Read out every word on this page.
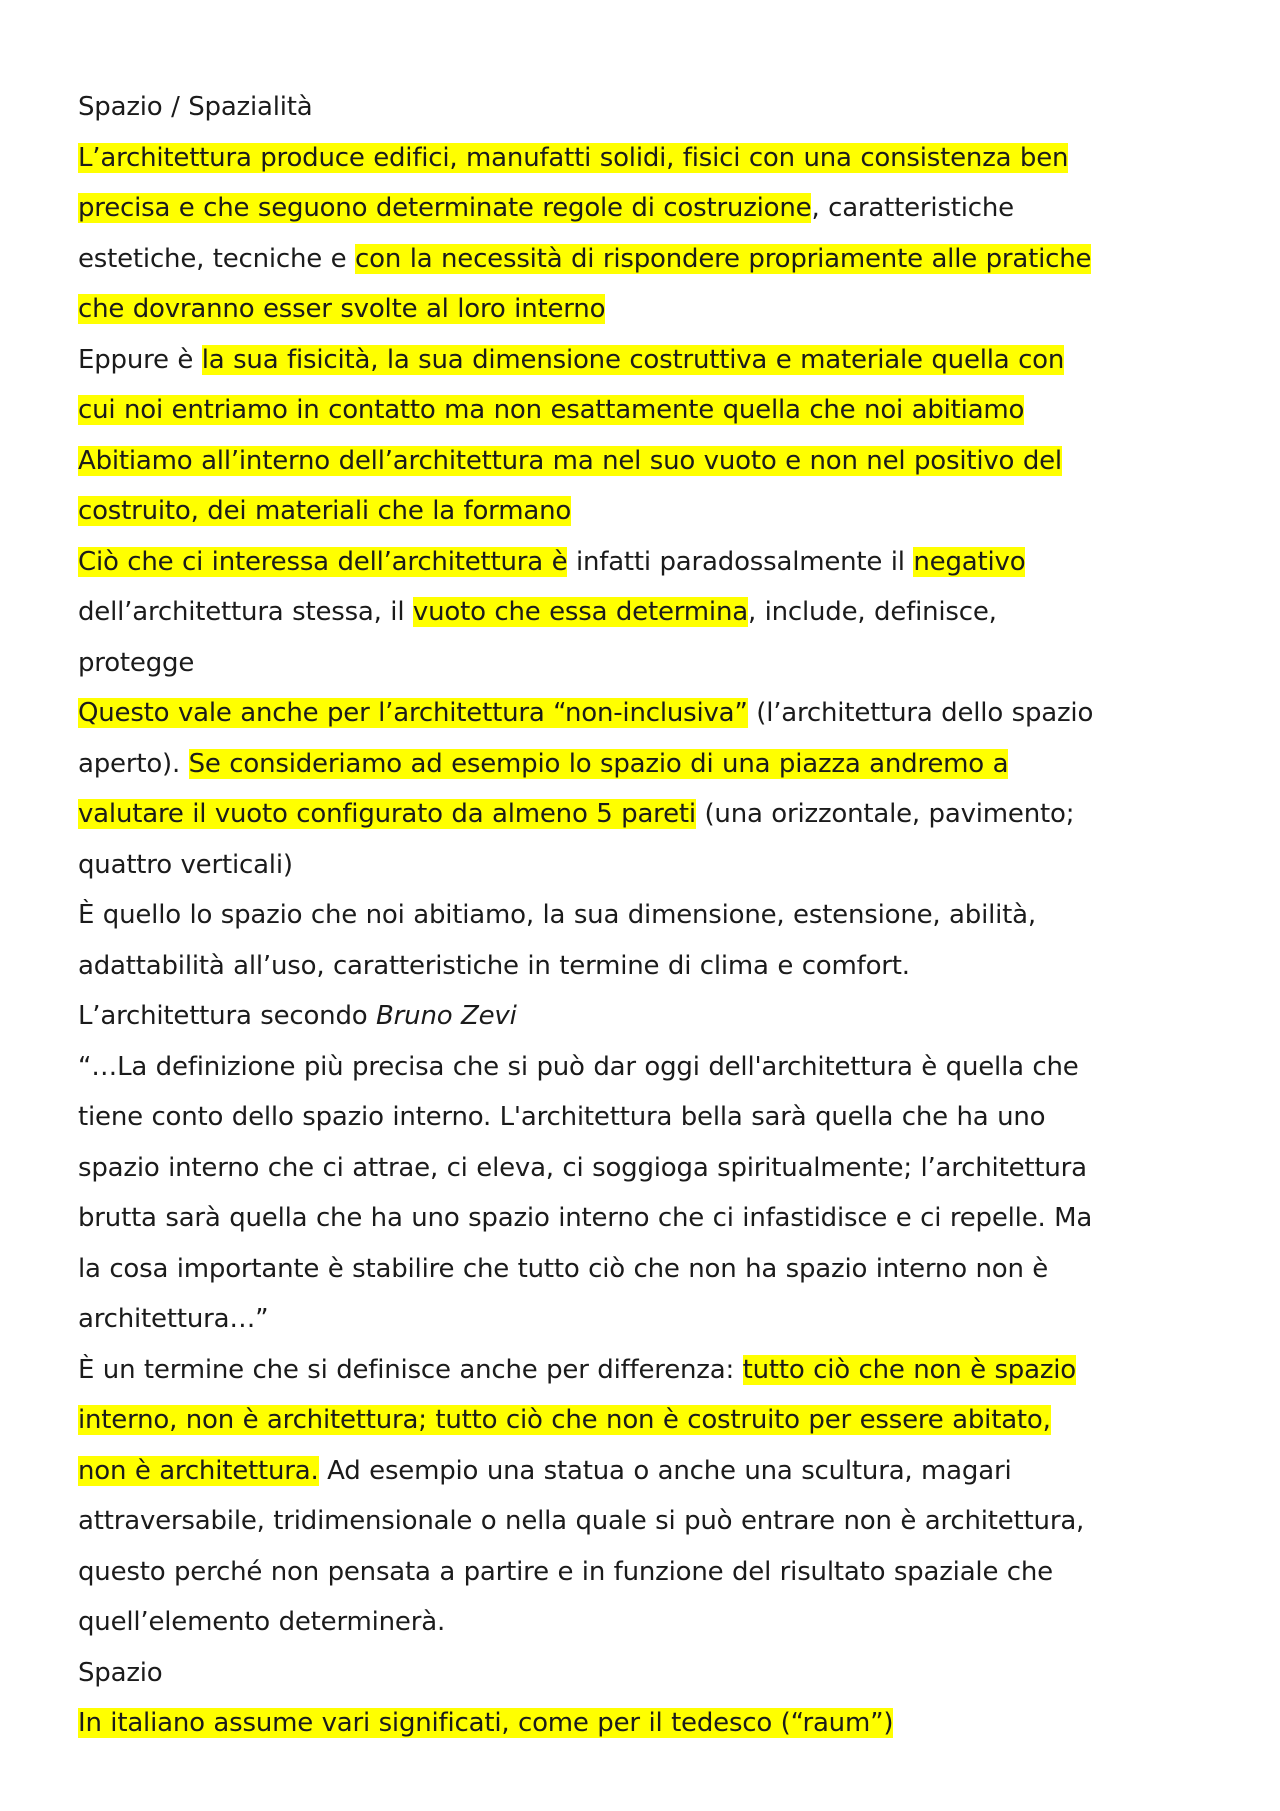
Spazio / Spazialità
L’architettura produce edifici, manufatti solidi, fisici con una consistenza ben
precisa e che seguono determinate regole di costruzione, caratteristiche
estetiche, tecniche e con la necessità di rispondere propriamente alle pratiche
che dovranno esser svolte al loro interno
Eppure è la sua fisicità, la sua dimensione costruttiva e materiale quella con
cui noi entriamo in contatto ma non esattamente quella che noi abitiamo
Abitiamo all’interno dell’architettura ma nel suo vuoto e non nel positivo del
costruito, dei materiali che la formano
Ciò che ci interessa dell’architettura è infatti paradossalmente il negativo
dell’architettura stessa, il vuoto che essa determina, include, definisce,
protegge
Questo vale anche per l’architettura “non-inclusiva” (l’architettura dello spazio
aperto). Se consideriamo ad esempio lo spazio di una piazza andremo a
valutare il vuoto configurato da almeno 5 pareti (una orizzontale, pavimento;
quattro verticali)
È quello lo spazio che noi abitiamo, la sua dimensione, estensione, abilità,
adattabilità all’uso, caratteristiche in termine di clima e comfort.
L’architettura secondo Bruno Zevi
“…La definizione più precisa che si può dar oggi dell'architettura è quella che
tiene conto dello spazio interno. L'architettura bella sarà quella che ha uno
spazio interno che ci attrae, ci eleva, ci soggioga spiritualmente; l’architettura
brutta sarà quella che ha uno spazio interno che ci infastidisce e ci repelle. Ma
la cosa importante è stabilire che tutto ciò che non ha spazio interno non è
architettura…”
È un termine che si definisce anche per differenza: tutto ciò che non è spazio
interno, non è architettura; tutto ciò che non è costruito per essere abitato,
non è architettura. Ad esempio una statua o anche una scultura, magari
attraversabile, tridimensionale o nella quale si può entrare non è architettura,
questo perché non pensata a partire e in funzione del risultato spaziale che
quell’elemento determinerà.
Spazio
In italiano assume vari significati, come per il tedesco (“raum”)
